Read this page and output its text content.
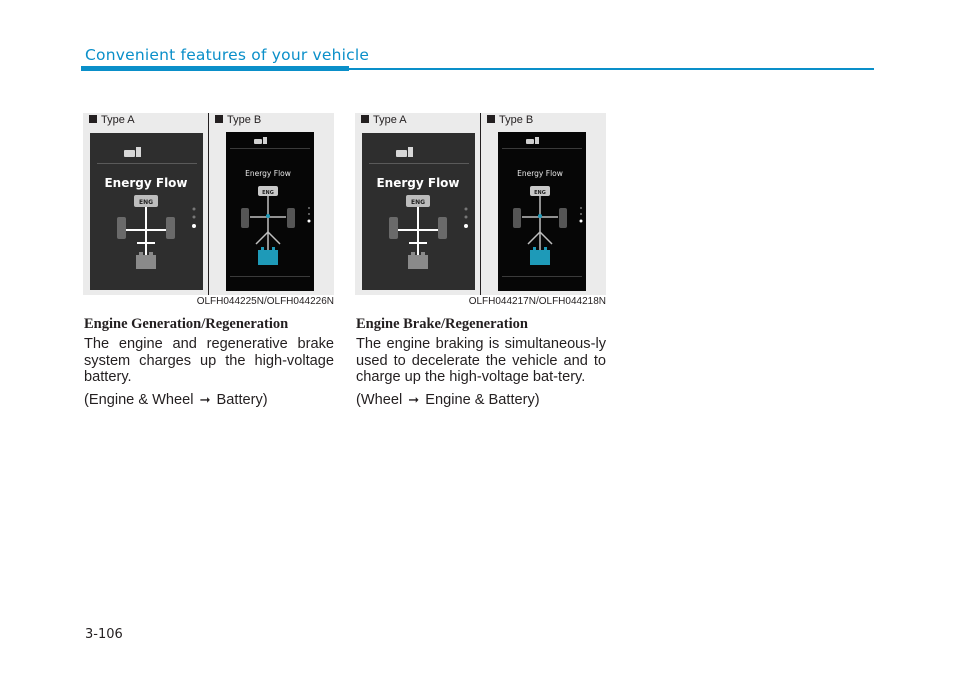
Convenient features of your vehicle
Type A	Type B
Energy Flow
ENG
Energy Flow
ENG
OLFH044225N/OLFH044226N
Type A	Type B
Energy Flow
ENG
Energy Flow
ENG
OLFH044217N/OLFH044218N
Engine Generation/Regeneration

The engine and regenerative brake system charges up the high-voltage battery.

(Engine & Wheel ➞ Battery)

Engine Brake/Regeneration

The engine braking is simultaneous-ly used to decelerate the vehicle and to charge up the high-voltage bat-tery.

(Wheel ➞ Engine & Battery)

3-106
